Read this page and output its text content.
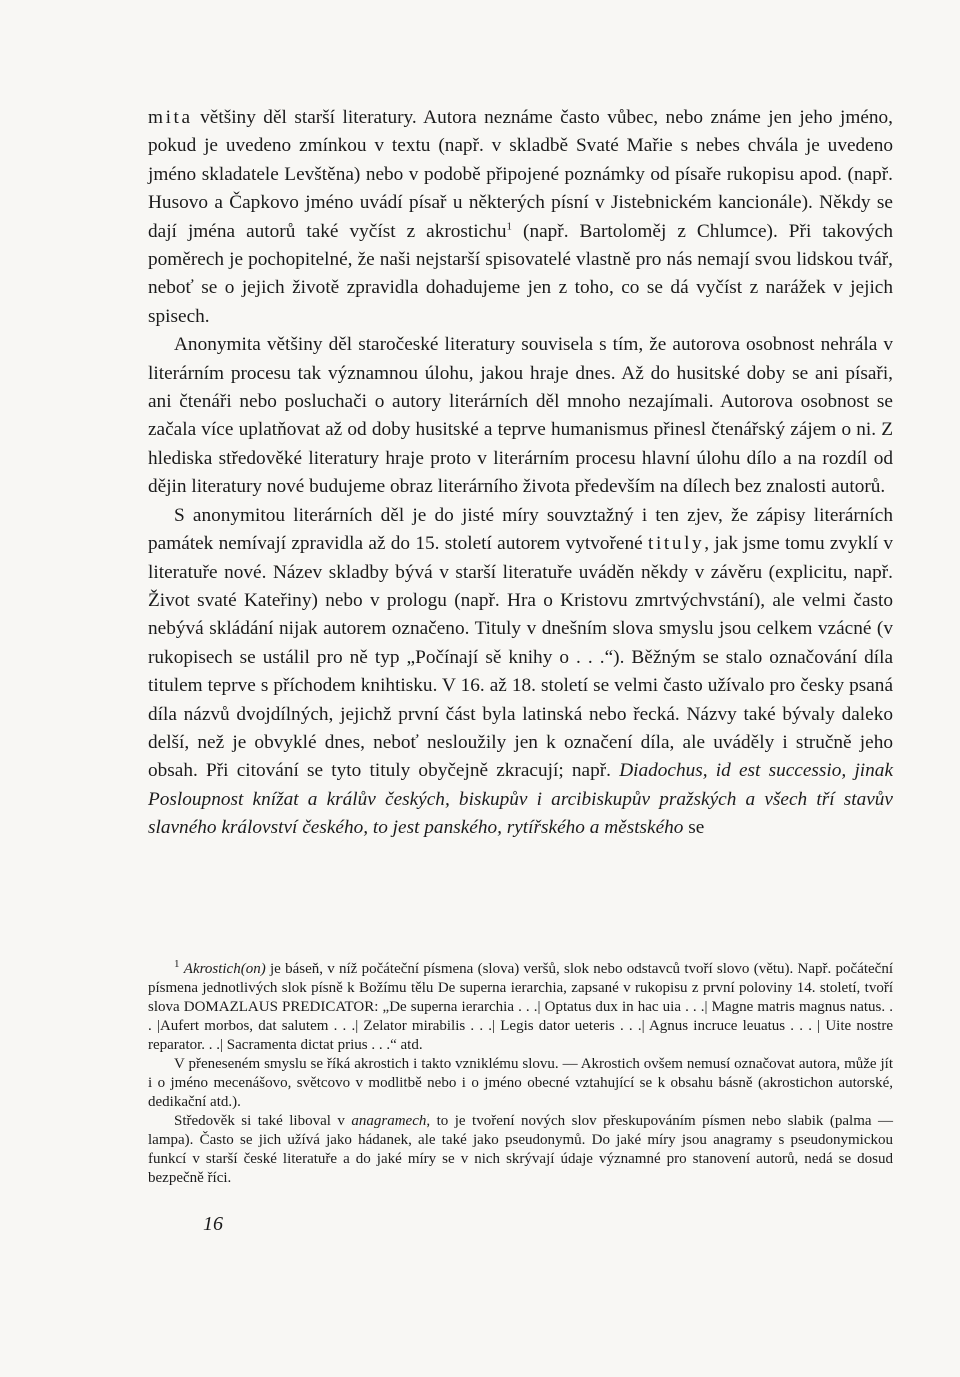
mita většiny děl starší literatury. Autora neznáme často vůbec, nebo známe jen jeho jméno, pokud je uvedeno zmínkou v textu (např. v skladbě Svaté Mařie s nebes chvála je uvedeno jméno skladatele Levštěna) nebo v podobě připojené poznámky od písaře rukopisu apod. (např. Husovo a Čapkovo jméno uvádí písař u některých písní v Jistebnickém kancionále). Někdy se dají jména autorů také vyčíst z akrostichu$^1$ (např. Bartoloměj z Chlumce). Při takových poměrech je pochopitelné, že naši nejstarší spisovatelé vlastně pro nás nemají svou lidskou tvář, neboť se o jejich životě zpravidla dohadujeme jen z toho, co se dá vyčíst z narážek v jejich spisech.

Anonymita většiny děl staročeské literatury souvisela s tím, že autorova osobnost nehrála v literárním procesu tak významnou úlohu, jakou hraje dnes. Až do husitské doby se ani písaři, ani čtenáři nebo posluchači o autory literárních děl mnoho nezajímali. Autorova osobnost se začala více uplatňovat až od doby husitské a teprve humanismus přinesl čtenářský zájem o ni. Z hlediska středověké literatury hraje proto v literárním procesu hlavní úlohu dílo a na rozdíl od dějin literatury nové budujeme obraz literárního života především na dílech bez znalosti autorů.

S anonymitou literárních děl je do jisté míry souvztažný i ten zjev, že zápisy literárních památek nemívají zpravidla až do 15. století autorem vytvořené tituly, jak jsme tomu zvyklí v literatuře nové. Název skladby bývá v starší literatuře uváděn někdy v závěru (explicitu, např. Život svaté Kateřiny) nebo v prologu (např. Hra o Kristovu zmrtvýchvstání), ale velmi často nebývá skládání nijak autorem označeno. Tituly v dnešním slova smyslu jsou celkem vzácné (v rukopisech se ustálil pro ně typ „Počínají sě knihy o . . .“). Běžným se stalo označování díla titulem teprve s příchodem knihtisku. V 16. až 18. století se velmi často užívalo pro česky psaná díla názvů dvojdílných, jejichž první část byla latinská nebo řecká. Názvy také bývaly daleko delší, než je obvyklé dnes, neboť nesloužily jen k označení díla, ale uváděly i stručně jeho obsah. Při citování se tyto tituly obyčejně zkracují; např. Diadochus, id est successio, jinak Posloupnost knížat a králův českých, biskupův i arcibiskupův pražských a všech tří stavův slavného království českého, to jest panského, rytířského a městského se

$^1$ Akrostich(on) je báseň, v níž počáteční písmena (slova) veršů, slok nebo odstavců tvoří slovo (větu). Např. počáteční písmena jednotlivých slok písně k Božímu tělu De superna ierarchia, zapsané v rukopisu z první poloviny 14. století, tvoří slova DOMAZLAUS PREDICATOR: „De superna ierarchia . . .| Optatus dux in hac uia . . .| Magne matris magnus natus. . . |Aufert morbos, dat salutem . . .| Zelator mirabilis . . .| Legis dator ueteris . . .| Agnus incruce leuatus . . . | Uite nostre reparator. . .| Sacramenta dictat prius . . .“ atd.

V přeneseném smyslu se říká akrostich i takto vzniklému slovu. — Akrostich ovšem nemusí označovat autora, může jít i o jméno mecenášovo, světcovo v modlitbě nebo i o jméno obecné vztahující se k obsahu básně (akrostichon autorské, dedikační atd.).

Středověk si také liboval v anagramech, to je tvoření nových slov přeskupováním písmen nebo slabik (palma — lampa). Často se jich užívá jako hádanek, ale také jako pseudonymů. Do jaké míry jsou anagramy s pseudonymickou funkcí v starší české literatuře a do jaké míry se v nich skrývají údaje významné pro stanovení autorů, nedá se dosud bezpečně říci.

16
